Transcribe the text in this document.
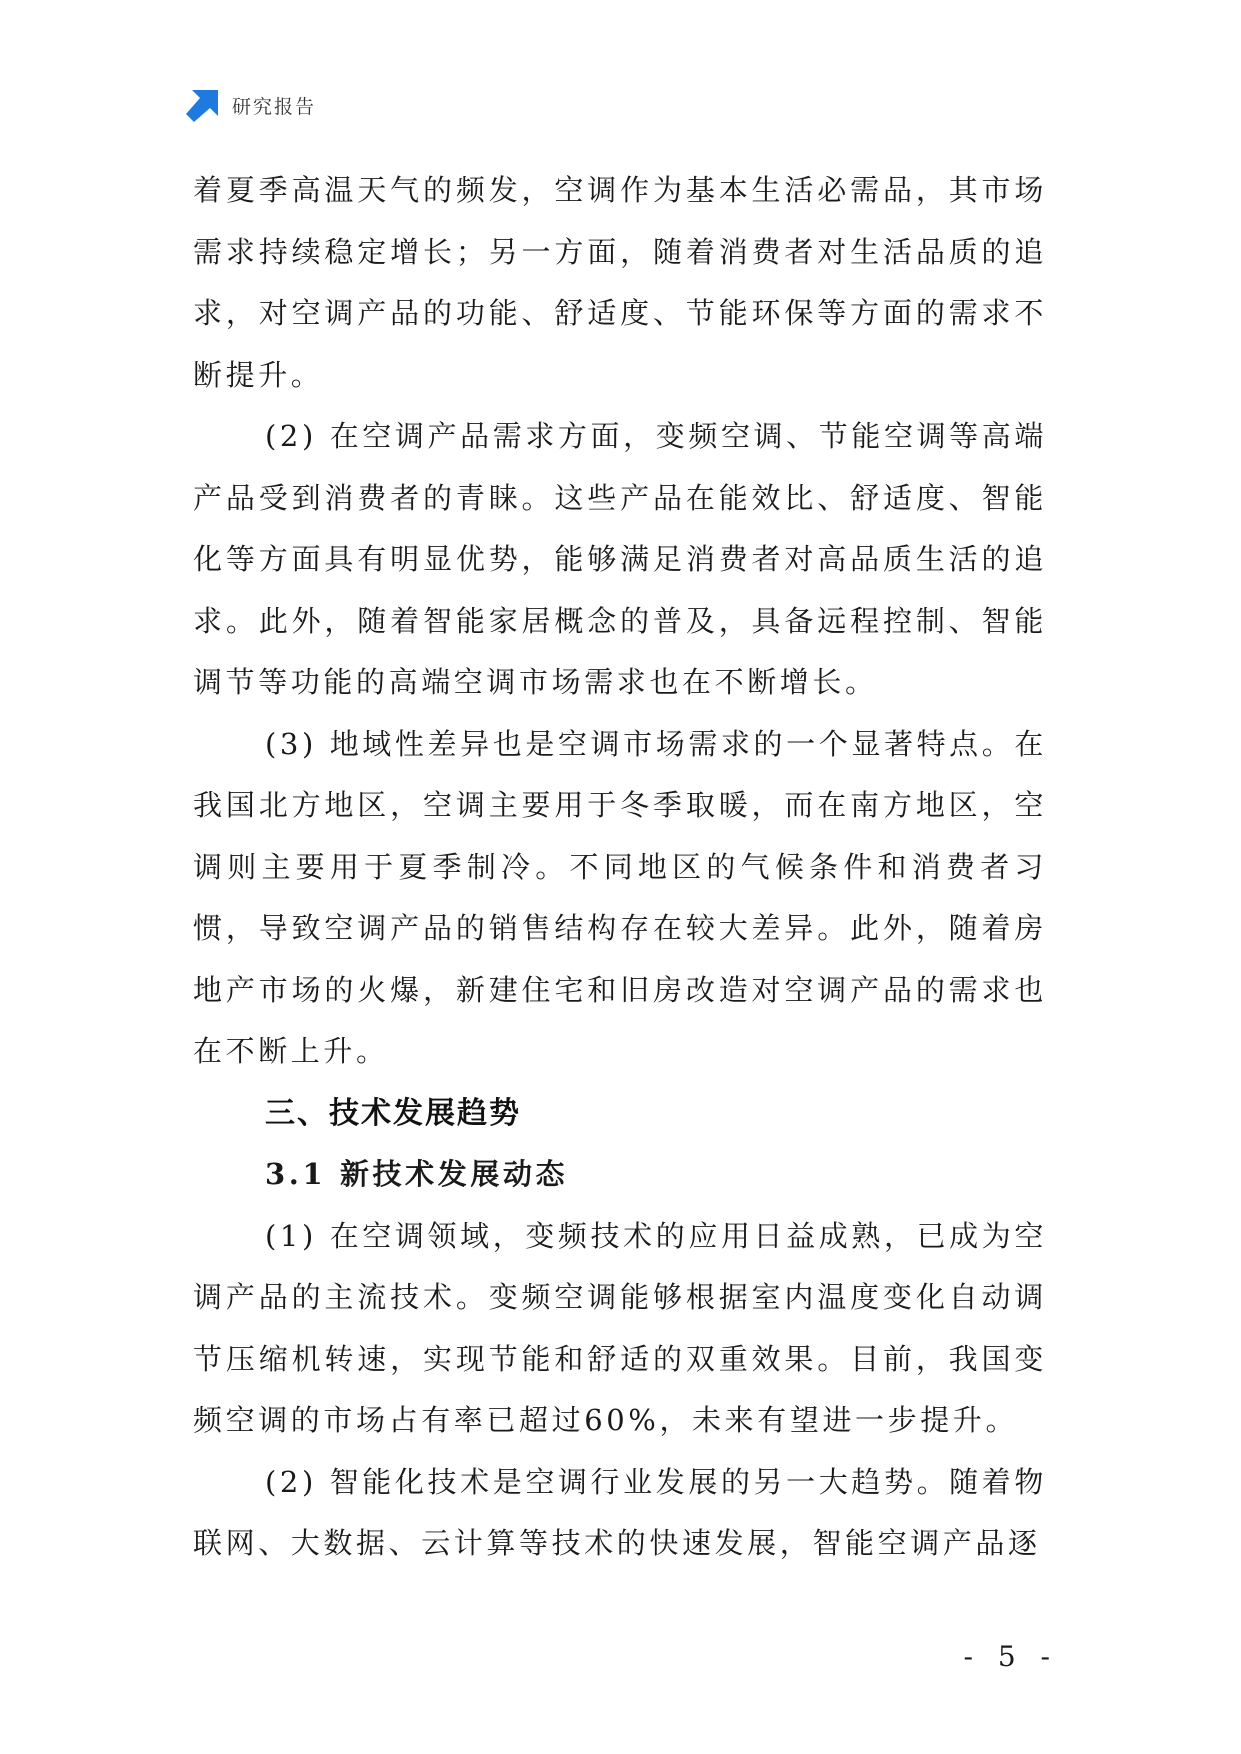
研究报告

着夏季高温天气的频发，空调作为基本生活必需品，其市场需求持续稳定增长；另一方面，随着消费者对生活品质的追求，对空调产品的功能、舒适度、节能环保等方面的需求不断提升。

(2) 在空调产品需求方面，变频空调、节能空调等高端产品受到消费者的青睐。这些产品在能效比、舒适度、智能化等方面具有明显优势，能够满足消费者对高品质生活的追求。此外，随着智能家居概念的普及，具备远程控制、智能调节等功能的高端空调市场需求也在不断增长。

(3) 地域性差异也是空调市场需求的一个显著特点。在我国北方地区，空调主要用于冬季取暖，而在南方地区，空调则主要用于夏季制冷。不同地区的气候条件和消费者习惯，导致空调产品的销售结构存在较大差异。此外，随着房地产市场的火爆，新建住宅和旧房改造对空调产品的需求也在不断上升。

三、技术发展趋势
3.1 新技术发展动态

(1) 在空调领域，变频技术的应用日益成熟，已成为空调产品的主流技术。变频空调能够根据室内温度变化自动调节压缩机转速，实现节能和舒适的双重效果。目前，我国变频空调的市场占有率已超过60%，未来有望进一步提升。

(2) 智能化技术是空调行业发展的另一大趋势。随着物联网、大数据、云计算等技术的快速发展，智能空调产品逐

- 5 -
